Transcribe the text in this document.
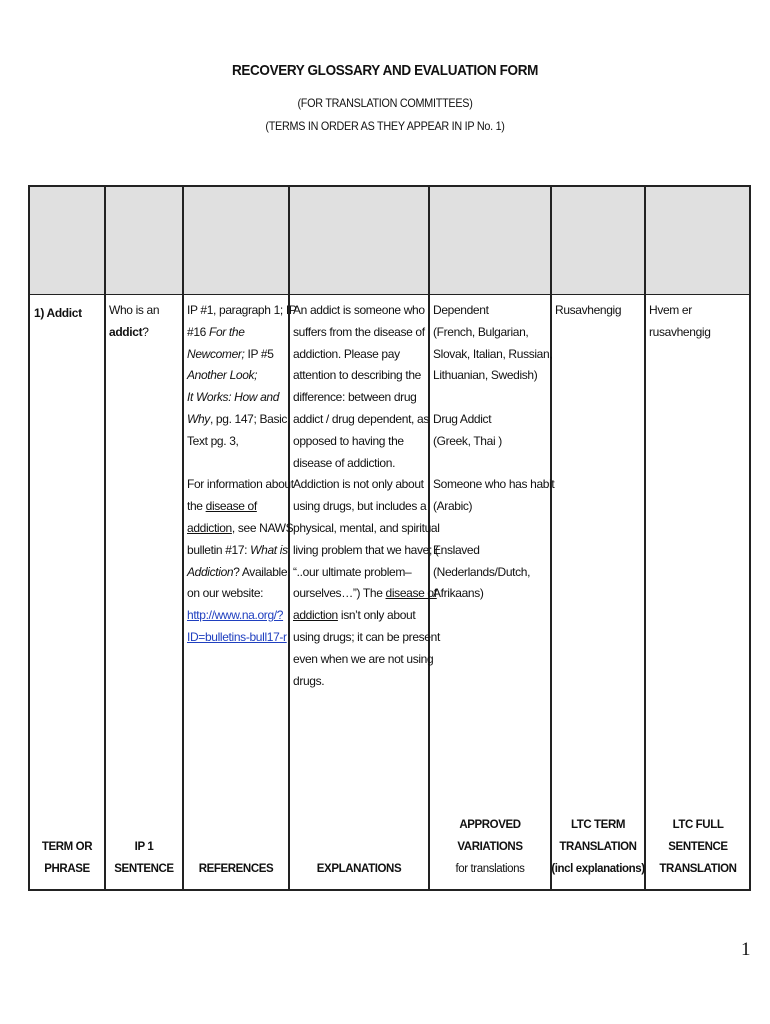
RECOVERY GLOSSARY AND EVALUATION FORM
(FOR TRANSLATION COMMITTEES)
(TERMS IN ORDER AS THEY APPEAR IN IP No. 1)
TERM OR
PHRASE
IP 1 SENTENCE	REFERENCES	EXPLANATIONS
APPROVED VARIATIONS
for translations
LTC TERM
TRANSLATION
(incl explanations)
LTC FULL SENTENCE
TRANSLATION
1) Addict Who is an
addict?
IP #1, paragraph 1; IP
#16 For the
Newcomer; IP #5
Another Look;
It Works: How and
Why, pg. 147; Basic
Text pg. 3,
For information about
the disease of
addiction, see NAWS
bulletin #17: What is
Addiction? Available
on our website:
http://www.na.org/?
ID=bulletins-bull17-r
An addict is someone who
suffers from the disease of
addiction. Please pay
attention to describing the
difference: between drug
addict / drug dependent, as
opposed to having the
disease of addiction.
Addiction is not only about
using drugs, but includes a
physical, mental, and spiritual
living problem that we have; (
“..our ultimate problem–
ourselves…”) The disease of
addiction isn’t only about
using drugs; it can be present
even when we are not using
drugs.
Dependent
(French, Bulgarian,
Slovak, Italian, Russian,
Lithuanian, Swedish)
Drug Addict
(Greek, Thai )
Someone who has habit
(Arabic)
Enslaved
(Nederlands/Dutch,
Afrikaans)
Rusavhengig Hvem er rusavhengig
1
